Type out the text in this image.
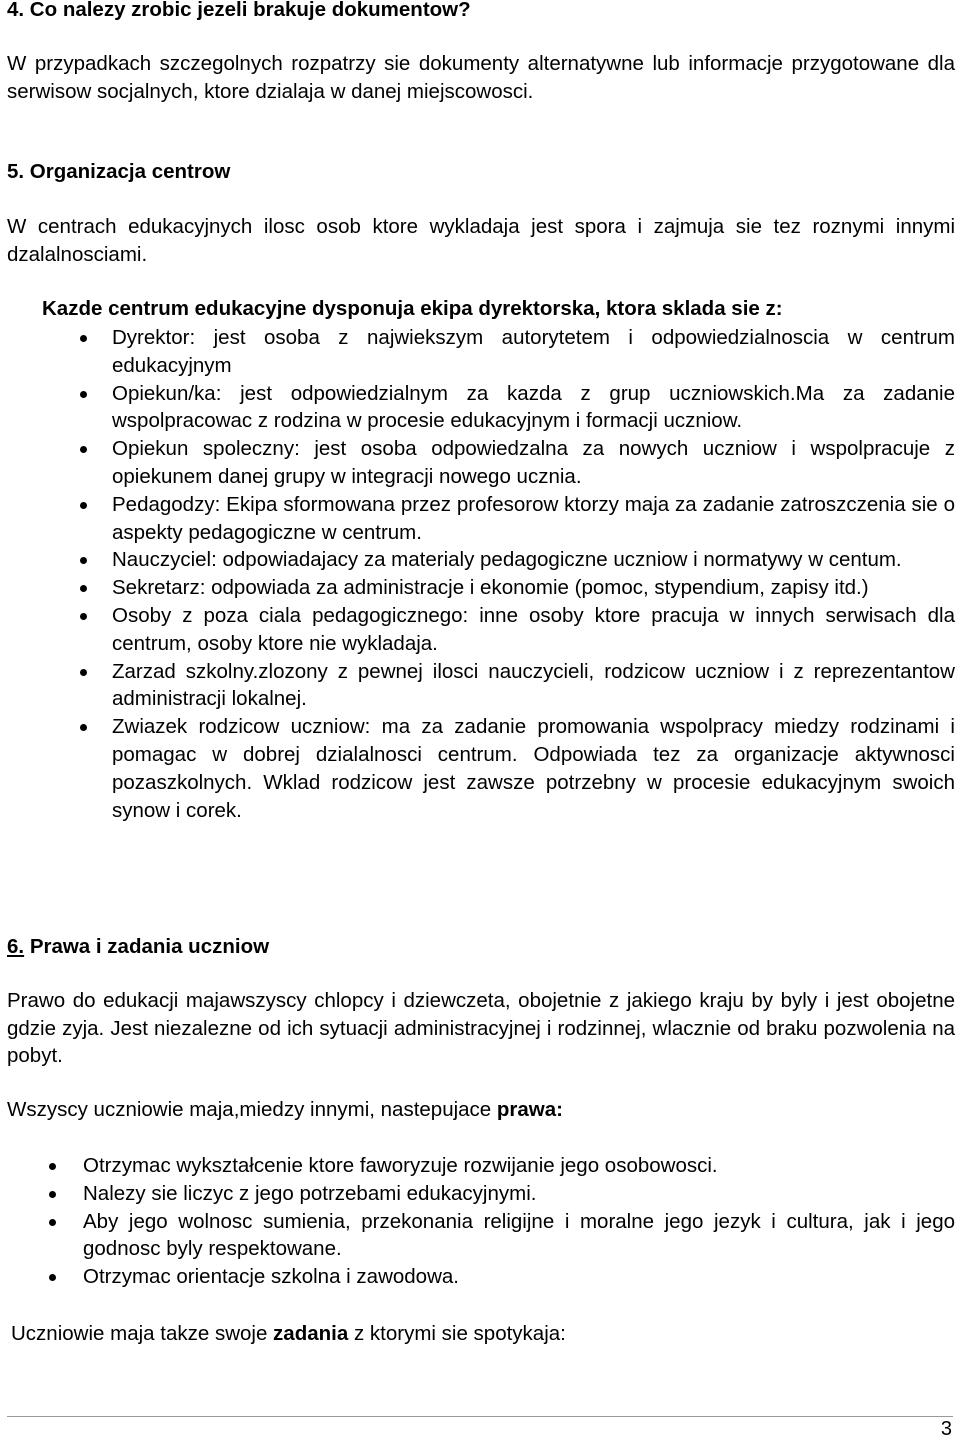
4. Co nalezy zrobic jezeli brakuje dokumentow?

W przypadkach szczegolnych rozpatrzy sie dokumenty alternatywne lub informacje przygotowane dla serwisow socjalnych, ktore dzialaja w danej miejscowosci.

5. Organizacja centrow

W centrach edukacyjnych ilosc osob ktore wykladaja jest spora i zajmuja sie tez roznymi innymi dzalalnosciami.

Kazde centrum edukacyjne dysponuja ekipa dyrektorska, ktora sklada sie z:

Dyrektor: jest osoba z najwiekszym autorytetem i odpowiedzialnoscia w centrum edukacyjnym
Opiekun/ka: jest odpowiedzialnym za kazda z grup uczniowskich.Ma za zadanie wspolpracowac z rodzina w procesie edukacyjnym i formacji uczniow.
Opiekun spoleczny: jest osoba odpowiedzalna za nowych uczniow i wspolpracuje z opiekunem danej grupy w integracji nowego ucznia.
Pedagodzy: Ekipa sformowana przez profesorow ktorzy maja za zadanie zatroszczenia sie o aspekty pedagogiczne w centrum.
Nauczyciel: odpowiadajacy za materialy pedagogiczne uczniow i normatywy w centum.
Sekretarz: odpowiada za administracje i ekonomie (pomoc, stypendium, zapisy itd.)
Osoby z poza ciala pedagogicznego: inne osoby ktore pracuja w innych serwisach dla centrum, osoby ktore nie wykladaja.
Zarzad szkolny.zlozony z pewnej ilosci nauczycieli, rodzicow uczniow i z reprezentantow administracji lokalnej.
Zwiazek rodzicow uczniow: ma za zadanie promowania wspolpracy miedzy rodzinami i pomagac w dobrej dzialalnosci centrum. Odpowiada tez za organizacje aktywnosci pozaszkolnych. Wklad rodzicow jest zawsze potrzebny w procesie edukacyjnym swoich synow i corek.

6. Prawa i zadania uczniow

Prawo do edukacji majawszyscy chlopcy i dziewczeta, obojetnie z jakiego kraju by byly i jest obojetne gdzie zyja. Jest niezalezne od ich sytuacji administracyjnej i rodzinnej, wlacznie od braku pozwolenia na pobyt.

Wszyscy uczniowie maja,miedzy innymi, nastepujace prawa:

Otrzymac wykształcenie ktore faworyzuje rozwijanie jego osobowosci.
Nalezy sie liczyc z jego potrzebami edukacyjnymi.
Aby jego wolnosc sumienia, przekonania religijne i moralne jego jezyk i cultura, jak i jego godnosc byly respektowane.
Otrzymac orientacje szkolna i zawodowa.

Uczniowie maja takze swoje zadania z ktorymi sie spotykaja:

3
